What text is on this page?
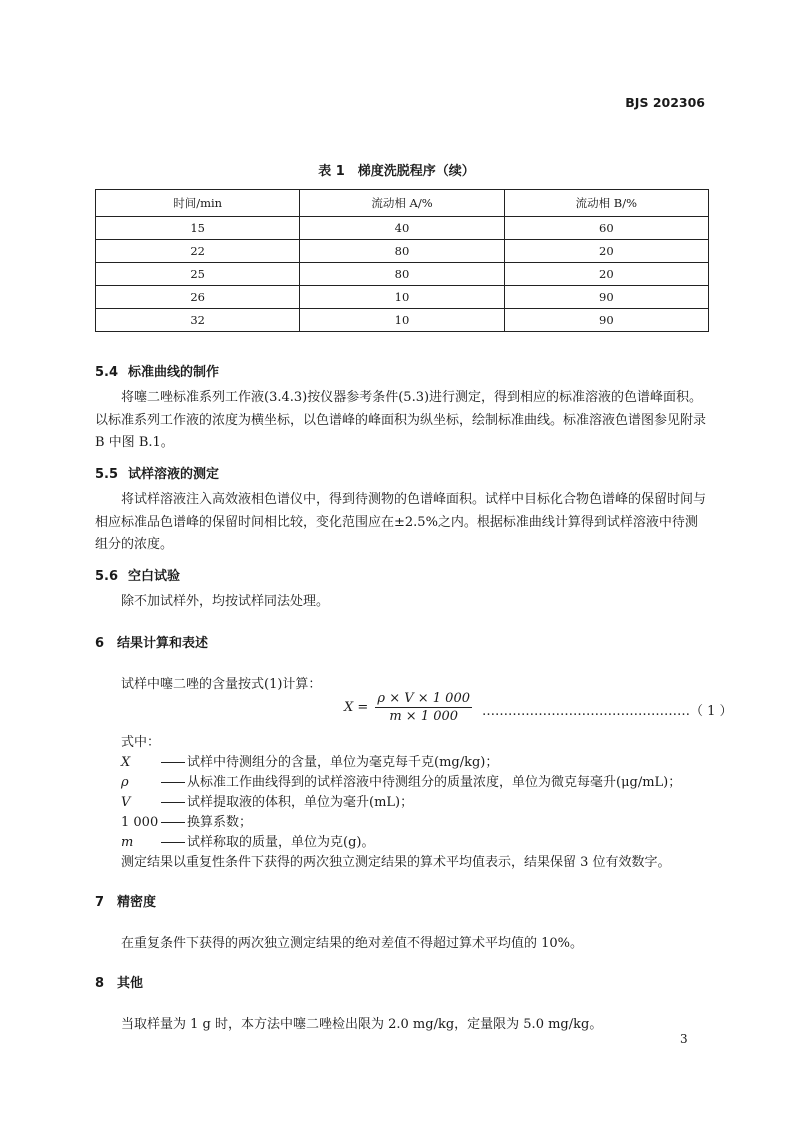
BJS 202306
表 1　梯度洗脱程序（续）
时间/min	流动相 A/%	流动相 B/%
15	40	60
22	80	20
25	80	20
26	10	90
32	10	90
5.4 标准曲线的制作
将噻二唑标准系列工作液(3.4.3)按仪器参考条件(5.3)进行测定，得到相应的标准溶液的色谱峰面积。以标准系列工作液的浓度为横坐标，以色谱峰的峰面积为纵坐标，绘制标准曲线。标准溶液色谱图参见附录 B 中图 B.1。
5.5 试样溶液的测定
将试样溶液注入高效液相色谱仪中，得到待测物的色谱峰面积。试样中目标化合物色谱峰的保留时间与相应标准品色谱峰的保留时间相比较，变化范围应在±2.5%之内。根据标准曲线计算得到试样溶液中待测组分的浓度。
5.6 空白试验
除不加试样外，均按试样同法处理。
6 结果计算和表述
试样中噻二唑的含量按式(1)计算：
$X = \frac{\rho \times V \times 1 000}{m \times 1 000}$ …………………………………………（ 1 ）
式中：
X	试样中待测组分的含量，单位为毫克每千克(mg/kg)；
ρ	从标准工作曲线得到的试样溶液中待测组分的质量浓度，单位为微克每毫升(μg/mL)；
V	试样提取液的体积，单位为毫升(mL)；
1 000 换算系数；
m	试样称取的质量，单位为克(g)。
测定结果以重复性条件下获得的两次独立测定结果的算术平均值表示，结果保留 3 位有效数字。
7 精密度
在重复条件下获得的两次独立测定结果的绝对差值不得超过算术平均值的 10%。
8 其他
当取样量为 1 g 时，本方法中噻二唑检出限为 2.0 mg/kg，定量限为 5.0 mg/kg。
3
